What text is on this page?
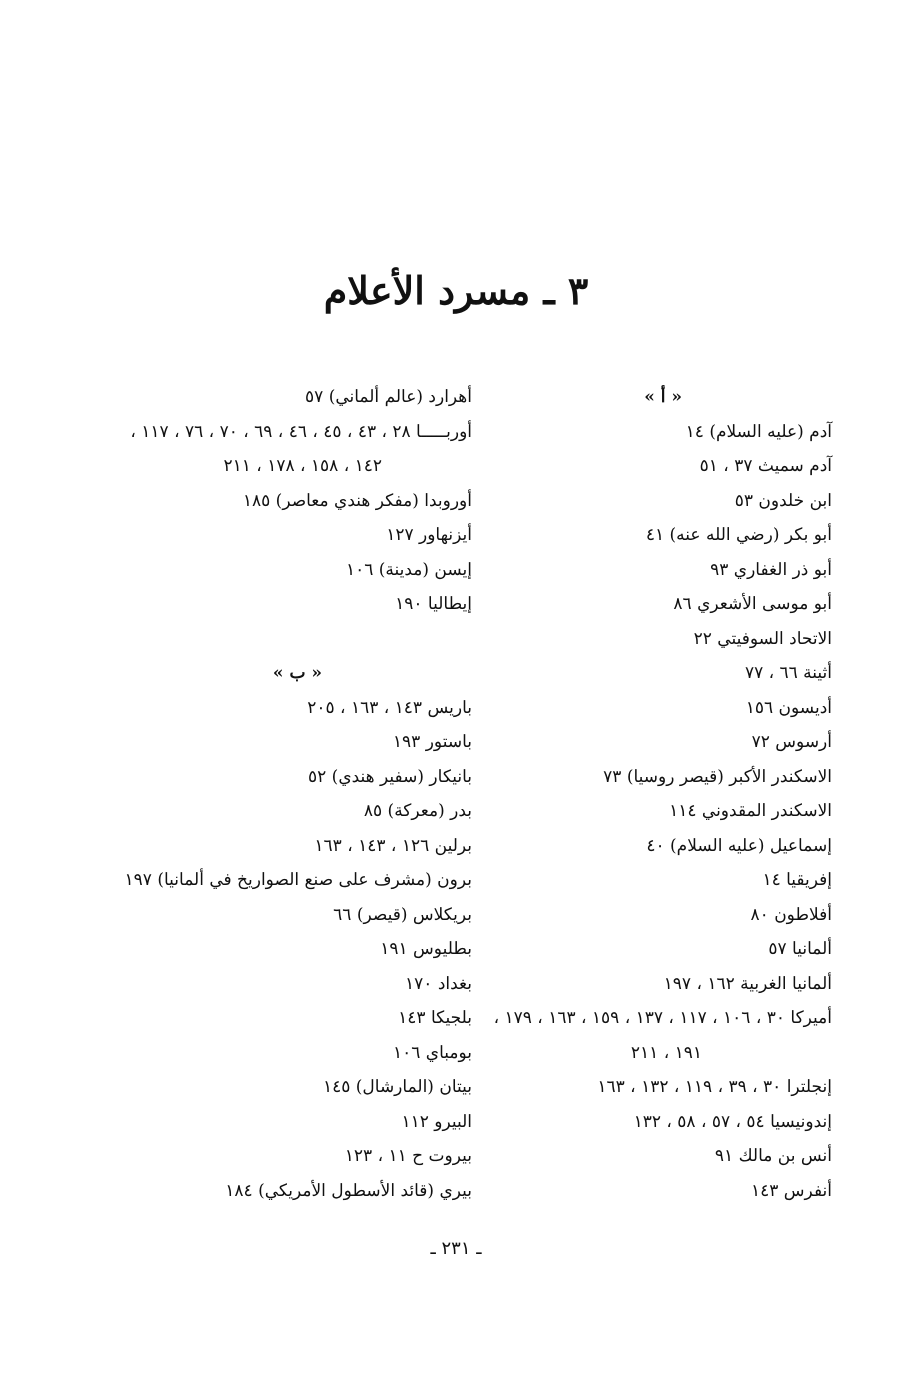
٣ ـ مسرد الأعلام
« أ »
آدم (عليه السلام) ١٤
آدم سميث ٣٧ ، ٥١
ابن خلدون ٥٣
أبو بكر (رضي الله عنه) ٤١
أبو ذر الغفاري ٩٣
أبو موسى الأشعري ٨٦
الاتحاد السوفيتي ٢٢
أثينة ٦٦ ، ٧٧
أديسون ١٥٦
أرسوس ٧٢
الاسكندر الأكبر (قيصر روسيا) ٧٣
الاسكندر المقدوني ١١٤
إسماعيل (عليه السلام) ٤٠
إفريقيا ١٤
أفلاطون ٨٠
ألمانيا ٥٧
ألمانيا الغربية ١٦٢ ، ١٩٧
أميركا ٣٠ ، ١٠٦ ، ١١٧ ، ١٣٧ ، ١٥٩ ، ١٦٣ ، ١٧٩ ،
١٩١ ، ٢١١
إنجلترا ٣٠ ، ٣٩ ، ١١٩ ، ١٣٢ ، ١٦٣
إندونيسيا ٥٤ ، ٥٧ ، ٥٨ ، ١٣٢
أنس بن مالك ٩١
أنفرس ١٤٣
أهرارد (عالم ألماني) ٥٧
أوربـــــا ٢٨ ، ٤٣ ، ٤٥ ، ٤٦ ، ٦٩ ، ٧٠ ، ٧٦ ، ١١٧ ،
١٤٢ ، ١٥٨ ، ١٧٨ ، ٢١١
أوروبدا (مفكر هندي معاصر) ١٨٥
أيزنهاور ١٢٧
إيسن (مدينة) ١٠٦
إيطاليا ١٩٠
« ب »
باريس ١٤٣ ، ١٦٣ ، ٢٠٥
باستور ١٩٣
بانيكار (سفير هندي) ٥٢
بدر (معركة) ٨٥
برلين ١٢٦ ، ١٤٣ ، ١٦٣
برون (مشرف على صنع الصواريخ في ألمانيا) ١٩٧
بريكلاس (قيصر) ٦٦
بطليوس ١٩١
بغداد ١٧٠
بلجيكا ١٤٣
بومباي ١٠٦
بيتان (المارشال) ١٤٥
البيرو ١١٢
بيروت ح ١١ ، ١٢٣
بيري (قائد الأسطول الأمريكي) ١٨٤
ـ ٢٣١ ـ
